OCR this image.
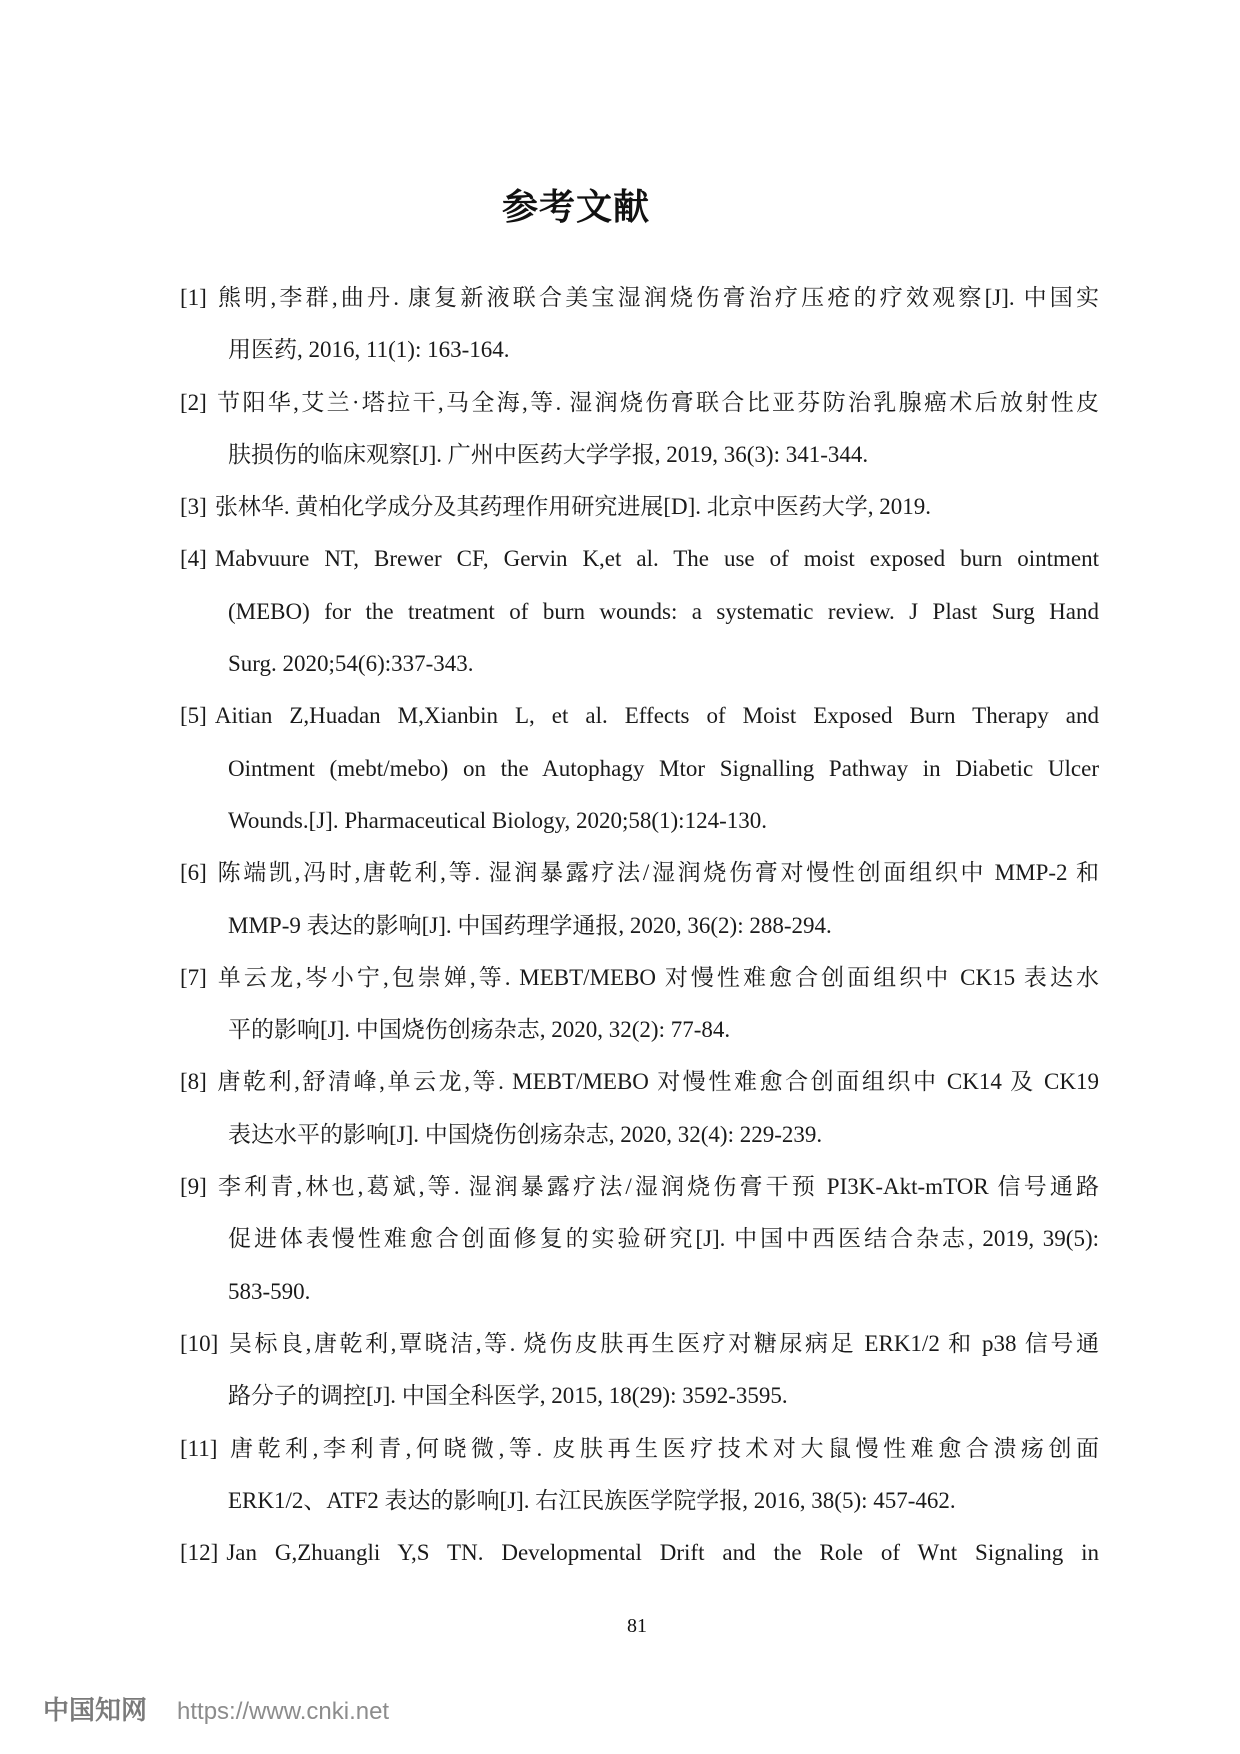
参考文献
[1] 熊明,李群,曲丹. 康复新液联合美宝湿润烧伤膏治疗压疮的疗效观察[J]. 中国实
用医药, 2016, 11(1): 163-164.
[2] 节阳华,艾兰·塔拉干,马全海,等. 湿润烧伤膏联合比亚芬防治乳腺癌术后放射性皮
肤损伤的临床观察[J]. 广州中医药大学学报, 2019, 36(3): 341-344.
[3] 张林华. 黄柏化学成分及其药理作用研究进展[D]. 北京中医药大学, 2019.
[4] Mabvuure NT, Brewer CF, Gervin K,et al. The use of moist exposed burn ointment
(MEBO) for the treatment of burn wounds: a systematic review. J Plast Surg Hand
Surg. 2020;54(6):337-343.
[5] Aitian Z,Huadan M,Xianbin L, et al. Effects of Moist Exposed Burn Therapy and
Ointment (mebt/mebo) on the Autophagy Mtor Signalling Pathway in Diabetic Ulcer
Wounds.[J]. Pharmaceutical Biology, 2020;58(1):124-130.
[6] 陈端凯,冯时,唐乾利,等. 湿润暴露疗法/湿润烧伤膏对慢性创面组织中 MMP-2 和
MMP-9 表达的影响[J]. 中国药理学通报, 2020, 36(2): 288-294.
[7] 单云龙,岑小宁,包崇婵,等. MEBT/MEBO 对慢性难愈合创面组织中 CK15 表达水
平的影响[J]. 中国烧伤创疡杂志, 2020, 32(2): 77-84.
[8] 唐乾利,舒清峰,单云龙,等. MEBT/MEBO 对慢性难愈合创面组织中 CK14 及 CK19
表达水平的影响[J]. 中国烧伤创疡杂志, 2020, 32(4): 229-239.
[9] 李利青,林也,葛斌,等. 湿润暴露疗法/湿润烧伤膏干预 PI3K-Akt-mTOR 信号通路
促进体表慢性难愈合创面修复的实验研究[J]. 中国中西医结合杂志, 2019, 39(5):
583-590.
[10] 吴标良,唐乾利,覃晓洁,等. 烧伤皮肤再生医疗对糖尿病足 ERK1/2 和 p38 信号通
路分子的调控[J]. 中国全科医学, 2015, 18(29): 3592-3595.
[11] 唐乾利,李利青,何晓微,等. 皮肤再生医疗技术对大鼠慢性难愈合溃疡创面
ERK1/2、ATF2 表达的影响[J]. 右江民族医学院学报, 2016, 38(5): 457-462.
[12] Jan G,Zhuangli Y,S TN. Developmental Drift and the Role of Wnt Signaling in
81
中国知网 https://www.cnki.net
